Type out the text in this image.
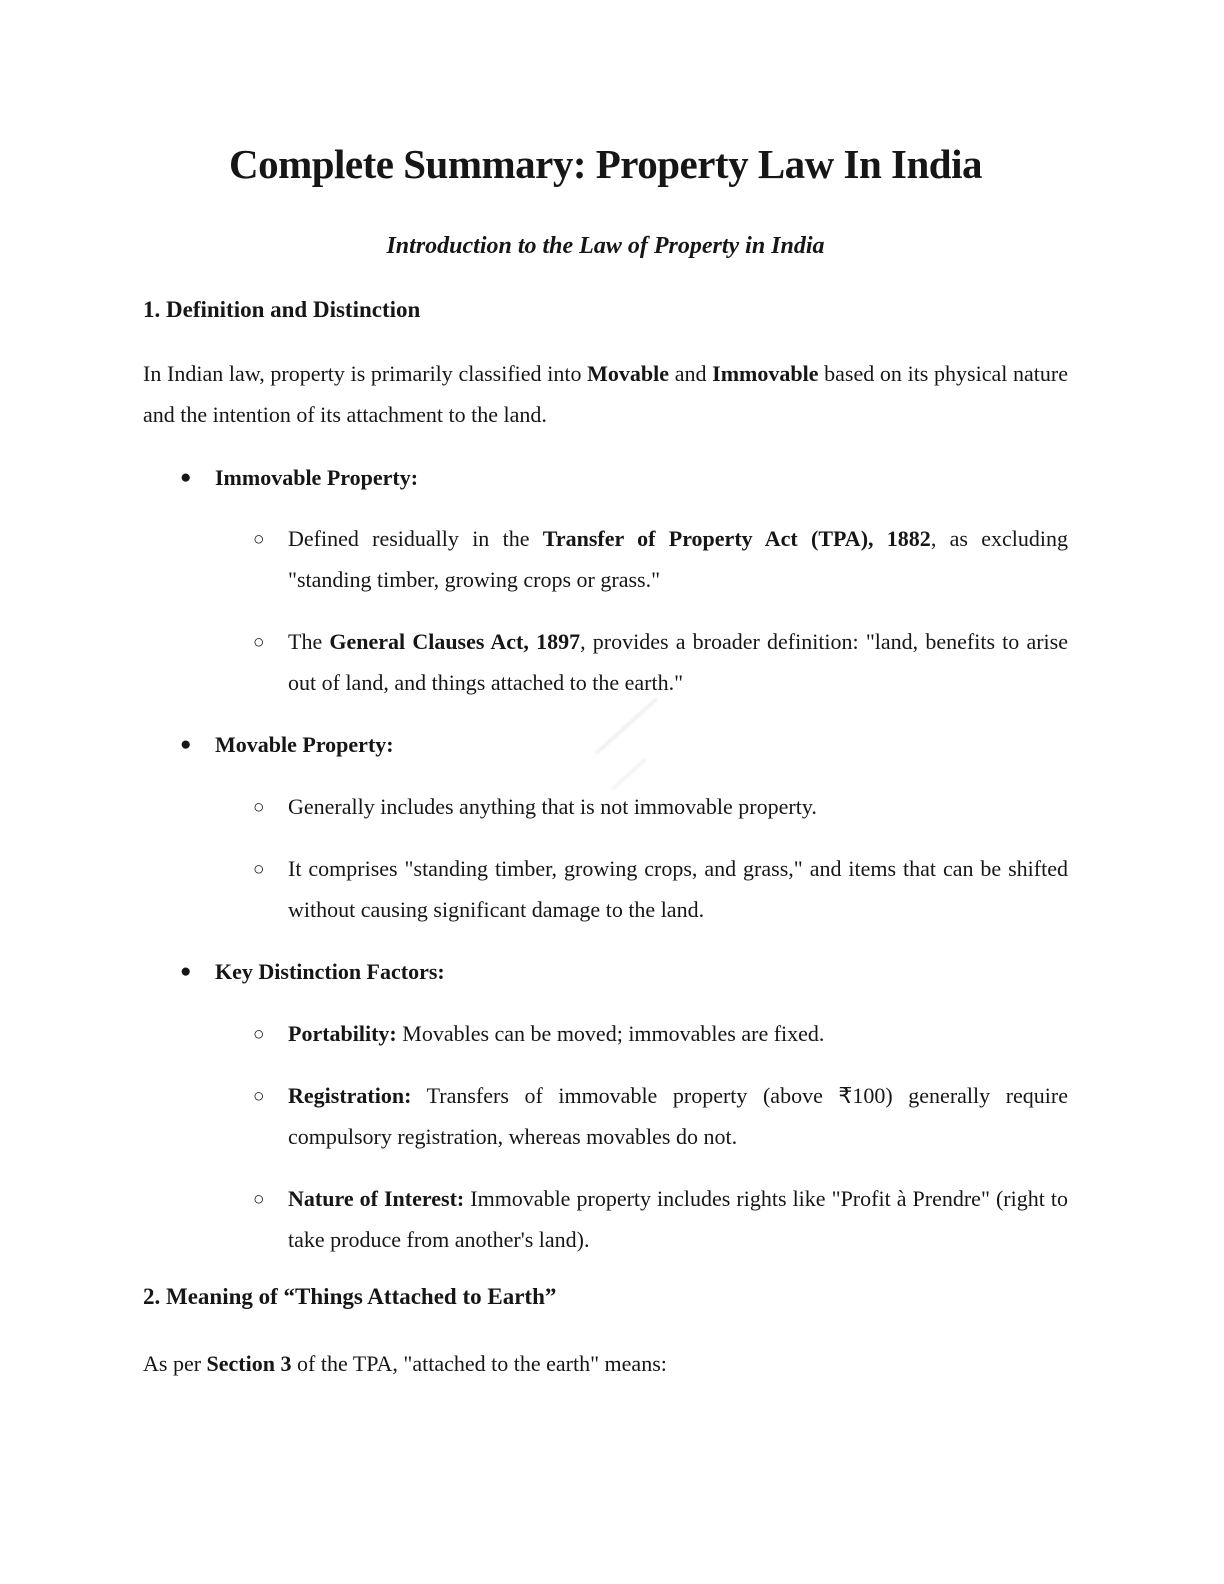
Complete Summary: Property Law In India
Introduction to the Law of Property in India
1. Definition and Distinction
In Indian law, property is primarily classified into Movable and Immovable based on its physical nature and the intention of its attachment to the land.
● Immovable Property:
○ Defined residually in the Transfer of Property Act (TPA), 1882, as excluding "standing timber, growing crops or grass."
○ The General Clauses Act, 1897, provides a broader definition: "land, benefits to arise out of land, and things attached to the earth."
● Movable Property:
○ Generally includes anything that is not immovable property.
○ It comprises "standing timber, growing crops, and grass," and items that can be shifted without causing significant damage to the land.
● Key Distinction Factors:
○ Portability: Movables can be moved; immovables are fixed.
○ Registration: Transfers of immovable property (above ₹100) generally require compulsory registration, whereas movables do not.
○ Nature of Interest: Immovable property includes rights like "Profit à Prendre" (right to take produce from another's land).
2. Meaning of “Things Attached to Earth”
As per Section 3 of the TPA, "attached to the earth" means:
